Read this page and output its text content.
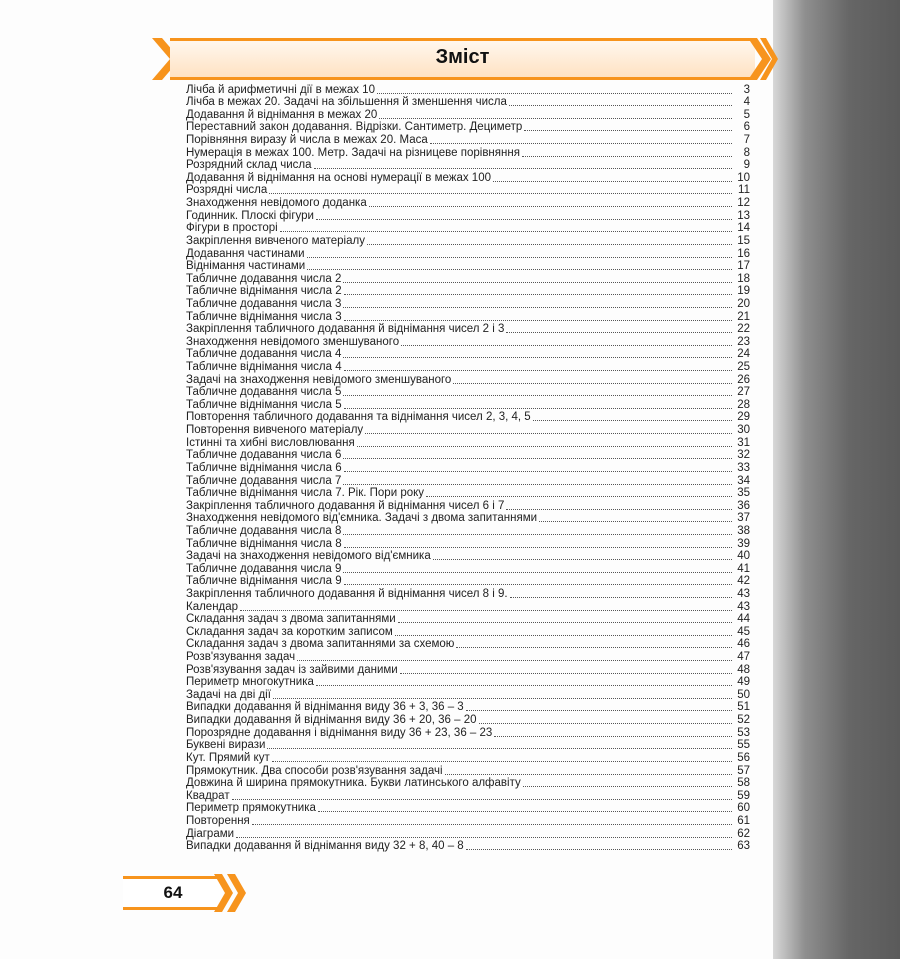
Зміст
Лічба й арифметичні дії в межах 10	3
Лічба в межах 20. Задачі на збільшення й зменшення числа	4
Додавання й віднімання в межах 20	5
Переставний закон додавання. Відрізки. Сантиметр. Дециметр	6
Порівняння виразу й числа в межах 20. Маса	7
Нумерація в межах 100. Метр. Задачі на різницеве порівняння	8
Розрядний склад числа	9
Додавання й віднімання на основі нумерації в межах 100	10
Розрядні числа	11
Знаходження невідомого доданка	12
Годинник. Плоскі фігури	13
Фігури в просторі	14
Закріплення вивченого матеріалу	15
Додавання частинами	16
Віднімання частинами	17
Табличне додавання числа 2	18
Табличне віднімання числа 2	19
Табличне додавання числа 3	20
Табличне віднімання числа 3	21
Закріплення табличного додавання й віднімання чисел 2 і 3	22
Знаходження невідомого зменшуваного	23
Табличне додавання числа 4	24
Табличне віднімання числа 4	25
Задачі на знаходження невідомого зменшуваного	26
Табличне додавання числа 5	27
Табличне віднімання числа 5	28
Повторення табличного додавання та віднімання чисел 2, 3, 4, 5	29
Повторення вивченого матеріалу	30
Істинні та хибні висловлювання	31
Табличне додавання числа 6	32
Табличне віднімання числа 6	33
Табличне додавання числа 7	34
Табличне віднімання числа 7. Рік. Пори року	35
Закріплення табличного додавання й віднімання чисел 6 і 7	36
Знаходження невідомого від'ємника. Задачі з двома запитаннями	37
Табличне додавання числа 8	38
Табличне віднімання числа 8	39
Задачі на знаходження невідомого від'ємника	40
Табличне додавання числа 9	41
Табличне віднімання числа 9	42
Закріплення табличного додавання й віднімання чисел 8 і 9.	43
Календар	43
Складання задач з двома запитаннями	44
Складання задач за коротким записом	45
Складання задач з двома запитаннями за схемою	46
Розв'язування задач	47
Розв'язування задач із зайвими даними	48
Периметр многокутника	49
Задачі на дві дії	50
Випадки додавання й віднімання виду 36 + 3, 36 – 3	51
Випадки додавання й віднімання виду 36 + 20, 36 – 20	52
Порозрядне додавання і віднімання виду 36 + 23, 36 – 23	53
Буквені вирази	55
Кут. Прямий кут	56
Прямокутник. Два способи розв'язування задачі	57
Довжина й ширина прямокутника. Букви латинського алфавіту	58
Квадрат	59
Периметр прямокутника	60
Повторення	61
Діаграми	62
Випадки додавання й віднімання виду 32 + 8, 40 – 8	63
64
